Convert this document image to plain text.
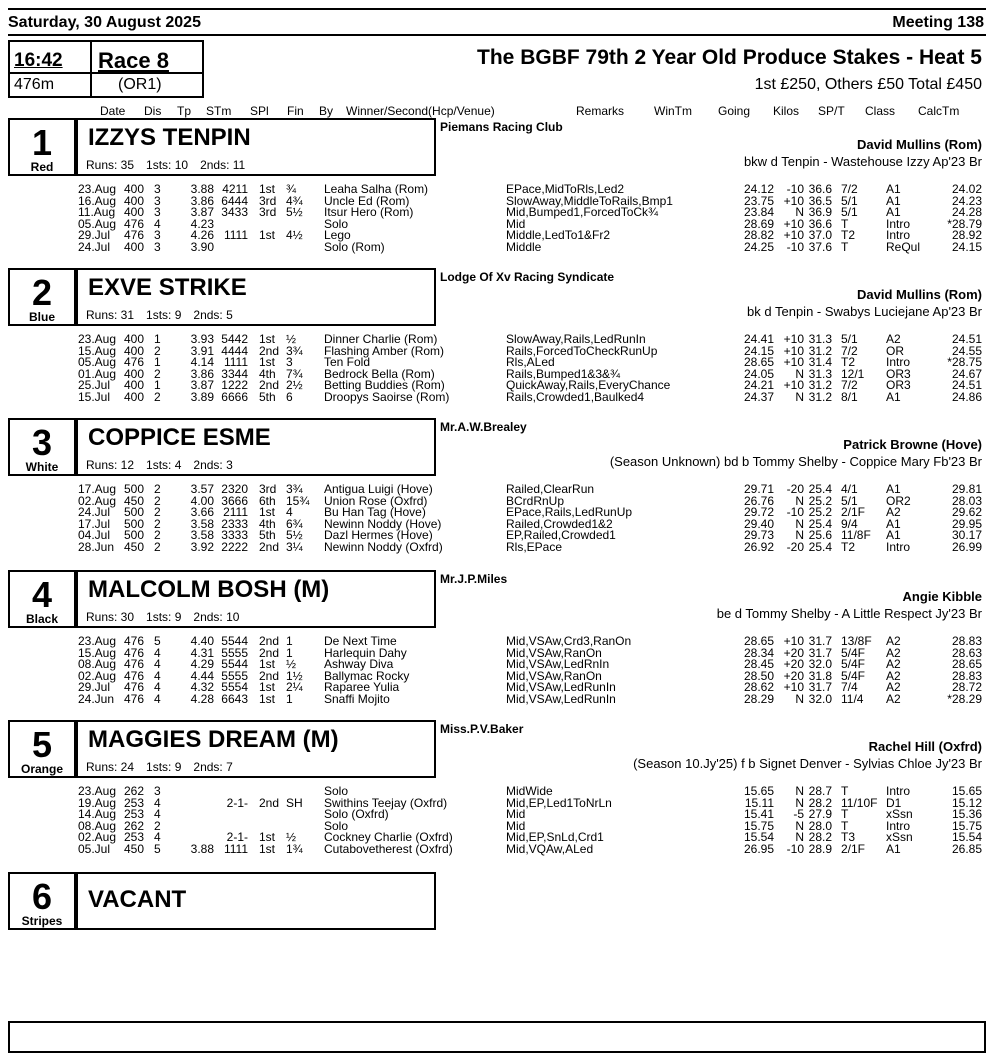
Saturday, 30 August 2025	Meeting 138
16:42 Race 8
476m	(OR1)
The BGBF 79th 2 Year Old Produce Stakes - Heat 5
1st £250, Others £50 Total £450
Date Dis Tp STm SPl Fin By Winner/Second(Hcp/Venue)	Remarks WinTm Going Kilos SP/T Class CalcTm
1
Red
IZZYS TENPIN
Runs: 35 1sts: 10 2nds: 11
Piemans Racing Club
David Mullins (Rom)
bkw d Tenpin - Wastehouse Izzy Ap'23 Br
23.Aug 400 3	3.88 4211 1st ¾ Leaha Salha (Rom)	EPace,MidToRls,Led2	24.12	-10 36.6 7/2 A1	24.02
16.Aug 400 3	3.86 6444 3rd 4¾ Uncle Ed (Rom)	SlowAway,MiddleToRails,Bmp1	23.75 +10 36.5 5/1 A1	24.23
11.Aug 400 3	3.87 3433 3rd 5½ Itsur Hero (Rom)	Mid,Bumped1,ForcedToCk¾	23.84	N 36.9 5/1 A1	24.28
05.Aug 476 4	4.23	Solo	Mid	28.69 +10 36.6 T	Intro	*28.79
29.Jul 476 3	4.26 1111 1st 4½ Lego	Middle,LedTo1&Fr2	28.82 +10 37.0 T2	Intro	28.92
24.Jul 400 3	3.90	Solo (Rom)	Middle	24.25	-10 37.6 T	ReQul	24.15
2
Blue
EXVE STRIKE
Runs: 31 1sts: 9 2nds: 5
Lodge Of Xv Racing Syndicate
David Mullins (Rom)
bk d Tenpin - Swabys Luciejane Ap'23 Br
23.Aug 400 1	3.93 5442 1st ½ Dinner Charlie (Rom)	SlowAway,Rails,LedRunIn	24.41 +10 31.3 5/1 A2	24.51
15.Aug 400 2	3.91 4444 2nd 3¾ Flashing Amber (Rom)	Rails,ForcedToCheckRunUp	24.15 +10 31.2 7/2 OR	24.55
05.Aug 476 1	4.14 1111 1st 3	Ten Fold	Rls,ALed	28.65 +10 31.4 T2	Intro	*28.75
01.Aug 400 2	3.86 3344 4th 7¾ Bedrock Bella (Rom)	Rails,Bumped1&3&¾	24.05	N 31.3 12/1 OR3	24.67
25.Jul 400 1	3.87 1222 2nd 2½ Betting Buddies (Rom)	QuickAway,Rails,EveryChance	24.21 +10 31.2 7/2 OR3	24.51
15.Jul 400 2	3.89 6666 5th 6	Droopys Saoirse (Rom)	Rails,Crowded1,Baulked4	24.37	N 31.2 8/1 A1	24.86
3
White
COPPICE ESME
Runs: 12 1sts: 4 2nds: 3
Mr.A.W.Brealey
Patrick Browne (Hove)
(Season Unknown) bd b Tommy Shelby - Coppice Mary Fb'23 Br
17.Aug 500 2	3.57 2320 3rd 3¾ Antigua Luigi (Hove)	Railed,ClearRun	29.71	-20 25.4 4/1 A1	29.81
02.Aug 450 2	4.00 3666 6th 15¾ Union Rose (Oxfrd)	BCrdRnUp	26.76	N 25.2 5/1 OR2	28.03
24.Jul 500 2	3.66 2111 1st 4	Bu Han Tag (Hove)	EPace,Rails,LedRunUp	29.72	-10 25.2 2/1F A2	29.62
17.Jul 500 2	3.58 2333 4th 6¾ Newinn Noddy (Hove)	Railed,Crowded1&2	29.40	N 25.4 9/4 A1	29.95
04.Jul 500 2	3.58 3333 5th 5½ Dazl Hermes (Hove)	EP,Railed,Crowded1	29.73	N 25.6 11/8F A1	30.17
28.Jun 450 2	3.92 2222 2nd 3¼ Newinn Noddy (Oxfrd)	Rls,EPace	26.92	-20 25.4 T2	Intro	26.99
4
Black
MALCOLM BOSH (M)
Runs: 30 1sts: 9 2nds: 10
Mr.J.P.Miles
Angie Kibble
be d Tommy Shelby - A Little Respect Jy'23 Br
23.Aug 476 5	4.40 5544 2nd 1	De Next Time	Mid,VSAw,Crd3,RanOn	28.65 +10 31.7 13/8F A2	28.83
15.Aug 476 4	4.31 5555 2nd 1	Harlequin Dahy	Mid,VSAw,RanOn	28.34 +20 31.7 5/4F A2	28.63
08.Aug 476 4	4.29 5544 1st ½ Ashway Diva	Mid,VSAw,LedRnIn	28.45 +20 32.0 5/4F A2	28.65
02.Aug 476 4	4.44 5555 2nd 1½ Ballymac Rocky	Mid,VSAw,RanOn	28.50 +20 31.8 5/4F A2	28.83
29.Jul 476 4	4.32 5554 1st 2¼ Raparee Yulia	Mid,VSAw,LedRunIn	28.62 +10 31.7 7/4 A2	28.72
24.Jun 476 4	4.28 6643 1st 1	Snaffi Mojito	Mid,VSAw,LedRunIn	28.29	N 32.0 11/4 A2	*28.29
5
Orange
MAGGIES DREAM (M)
Runs: 24 1sts: 9 2nds: 7
Miss.P.V.Baker
Rachel Hill (Oxfrd)
(Season 10.Jy'25) f b Signet Denver - Sylvias Chloe Jy'23 Br
23.Aug 262 3	Solo	MidWide	15.65	N 28.7 T	Intro	15.65
19.Aug 253 4	2-1- 2nd SH Swithins Teejay (Oxfrd)	Mid,EP,Led1ToNrLn	15.11	N 28.2 11/10F D1	15.12
14.Aug 253 4	Solo (Oxfrd)	Mid	15.41	-5 27.9 T	xSsn	15.36
08.Aug 262 2	Solo	Mid	15.75	N 28.0 T	Intro	15.75
02.Aug 253 4	2-1- 1st ½ Cockney Charlie (Oxfrd)	Mid,EP,SnLd,Crd1	15.54	N 28.2 T3	xSsn	15.54
05.Jul 450 5	3.88 1111 1st 1¾ Cutabovetherest (Oxfrd)	Mid,VQAw,ALed	26.95	-10 28.9 2/1F A1	26.85
6
Stripes
VACANT
